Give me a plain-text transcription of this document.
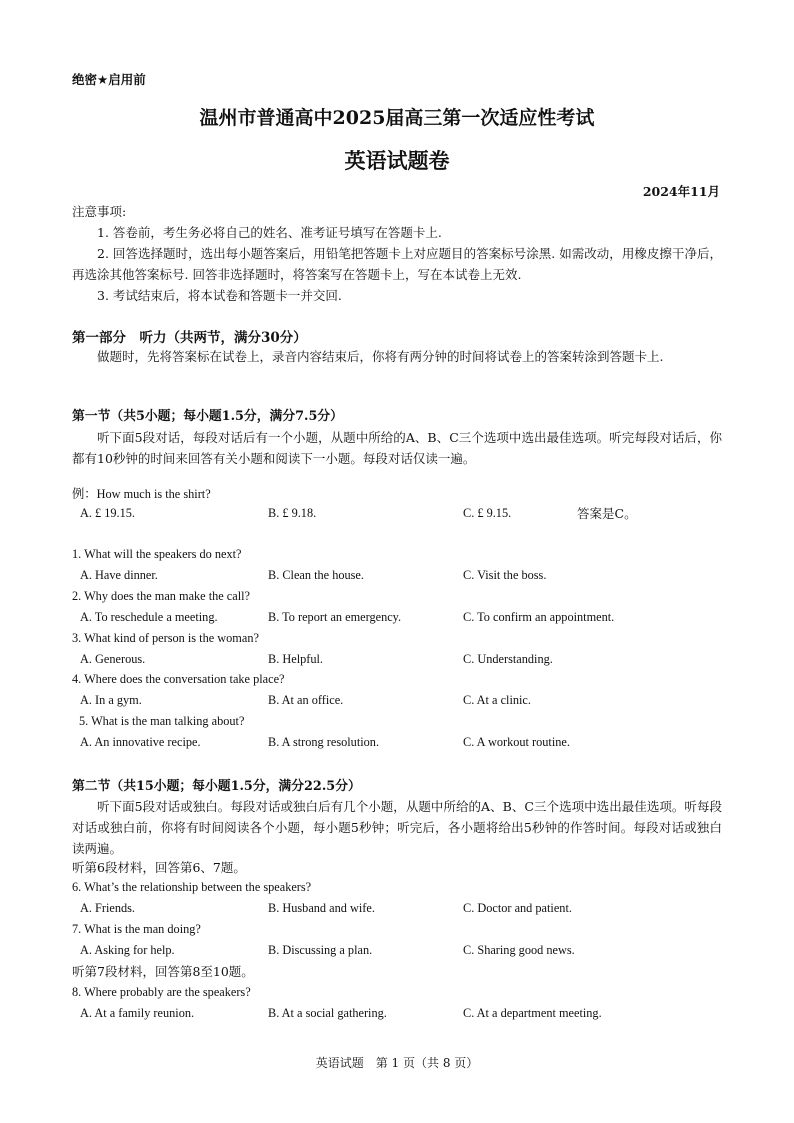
绝密★启用前
温州市普通高中2025届高三第一次适应性考试
英语试题卷
2024年11月
注意事项:
1. 答卷前，考生务必将自己的姓名、准考证号填写在答题卡上.
2. 回答选择题时，选出每小题答案后，用铅笔把答题卡上对应题目的答案标号涂黑. 如需改动，用橡皮擦干净后，再选涂其他答案标号. 回答非选择题时，将答案写在答题卡上，写在本试卷上无效.
3. 考试结束后，将本试卷和答题卡一并交回.
第一部分　听力（共两节，满分30分）
做题时，先将答案标在试卷上，录音内容结束后，你将有两分钟的时间将试卷上的答案转涂到答题卡上.
第一节（共5小题；每小题1.5分，满分7.5分）
听下面5段对话，每段对话后有一个小题，从题中所给的A、B、C三个选项中选出最佳选项。听完每段对话后，你都有10秒钟的时间来回答有关小题和阅读下一小题。每段对话仅读一遍。
例：How much is the shirt?
A. £ 19.15.	B. £ 9.18.	C. £ 9.15.	答案是C。
1. What will the speakers do next?
A. Have dinner.	B. Clean the house.	C. Visit the boss.
2. Why does the man make the call?
A. To reschedule a meeting.	B. To report an emergency.	C. To confirm an appointment.
3. What kind of person is the woman?
A. Generous.	B. Helpful.	C. Understanding.
4. Where does the conversation take place?
A. In a gym.	B. At an office.	C. At a clinic.
5. What is the man talking about?
A. An innovative recipe.	B. A strong resolution.	C. A workout routine.
第二节（共15小题；每小题1.5分，满分22.5分）
听下面5段对话或独白。每段对话或独白后有几个小题，从题中所给的A、B、C三个选项中选出最佳选项。听每段对话或独白前，你将有时间阅读各个小题，每小题5秒钟；听完后，各小题将给出5秒钟的作答时间。每段对话或独白读两遍。
听第6段材料，回答第6、7题。
6. What’s the relationship between the speakers?
A. Friends.	B. Husband and wife.	C. Doctor and patient.
7. What is the man doing?
A. Asking for help.	B. Discussing a plan.	C. Sharing good news.
听第7段材料，回答第8至10题。
8. Where probably are the speakers?
A. At a family reunion.	B. At a social gathering.	C. At a department meeting.
英语试题　第 1 页（共 8 页）
